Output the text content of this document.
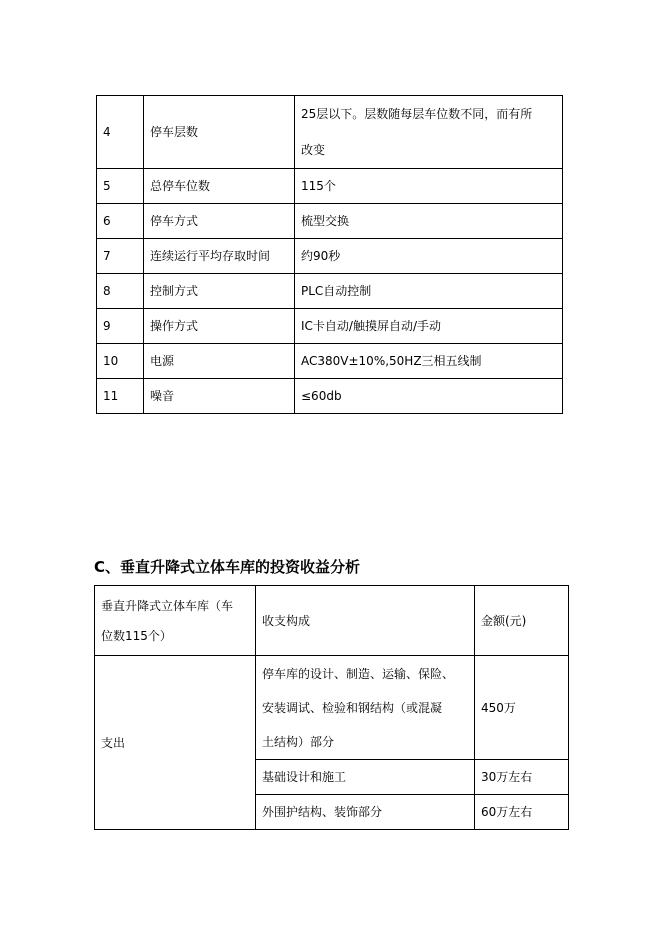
4	停车层数	25层以下。层数随每层车位数不同，而有所
改变

5	总停车位数	115个
6	停车方式	梳型交换
7	连续运行平均存取时间	约90秒
8	控制方式	PLC自动控制
9	操作方式	IC卡自动/触摸屏自动/手动
10	电源	AC380V±10%,50HZ三相五线制
11	噪音	≤60db
C、垂直升降式立体车库的投资收益分析
垂直升降式立体车库（车
位数115个）	收支构成	金额(元)
支出	停车库的设计、制造、运输、保险、
安装调试、检验和钢结构（或混凝
土结构）部分	450万
	基础设计和施工	30万左右
	外围护结构、装饰部分	60万左右
